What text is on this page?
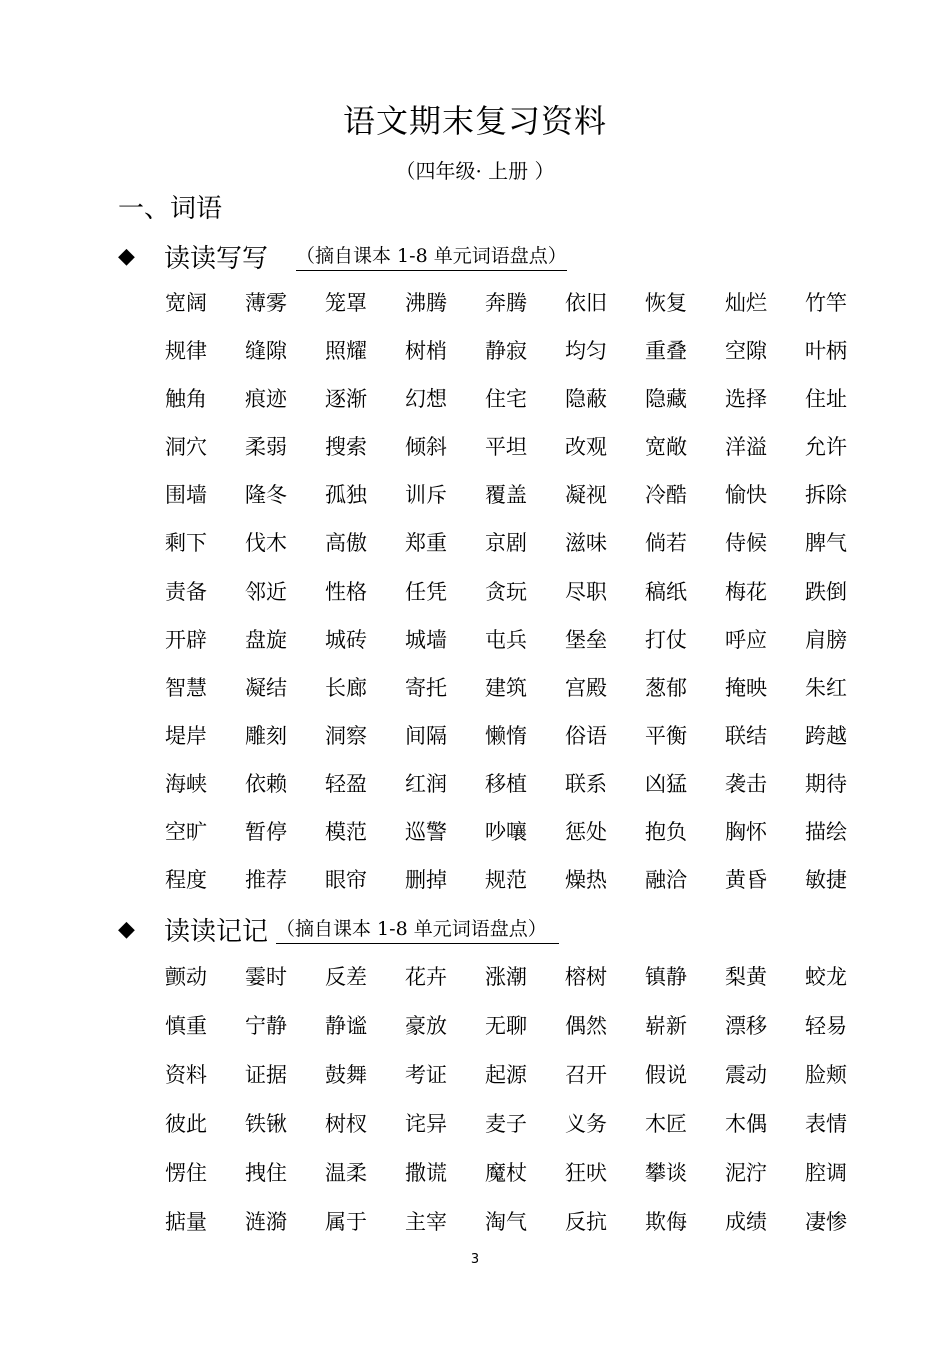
语文期末复习资料
（四年级· 上册 ）
一、词语
◆	读读写写 （摘自课本 1-8 单元词语盘点）
宽阔	薄雾	笼罩	沸腾	奔腾	依旧	恢复	灿烂	竹竿
规律	缝隙	照耀	树梢	静寂	均匀	重叠	空隙	叶柄
触角	痕迹	逐渐	幻想	住宅	隐蔽	隐藏	选择	住址
洞穴	柔弱	搜索	倾斜	平坦	改观	宽敞	洋溢	允许
围墙	隆冬	孤独	训斥	覆盖	凝视	冷酷	愉快	拆除
剩下	伐木	高傲	郑重	京剧	滋味	倘若	侍候	脾气
责备	邻近	性格	任凭	贪玩	尽职	稿纸	梅花	跌倒
开辟	盘旋	城砖	城墙	屯兵	堡垒	打仗	呼应	肩膀
智慧	凝结	长廊	寄托	建筑	宫殿	葱郁	掩映	朱红
堤岸	雕刻	洞察	间隔	懒惰	俗语	平衡	联结	跨越
海峡	依赖	轻盈	红润	移植	联系	凶猛	袭击	期待
空旷	暂停	模范	巡警	吵嚷	惩处	抱负	胸怀	描绘
程度	推荐	眼帘	删掉	规范	燥热	融洽	黄昏	敏捷
◆	读读记记 （摘自课本 1-8 单元词语盘点）
颤动	霎时	反差	花卉	涨潮	榕树	镇静	梨黄	蛟龙
慎重	宁静	静谧	豪放	无聊	偶然	崭新	漂移	轻易
资料	证据	鼓舞	考证	起源	召开	假说	震动	脸颊
彼此	铁锹	树杈	诧异	麦子	义务	木匠	木偶	表情
愣住	拽住	温柔	撒谎	魔杖	狂吠	攀谈	泥泞	腔调
掂量	涟漪	属于	主宰	淘气	反抗	欺侮	成绩	凄惨
3
